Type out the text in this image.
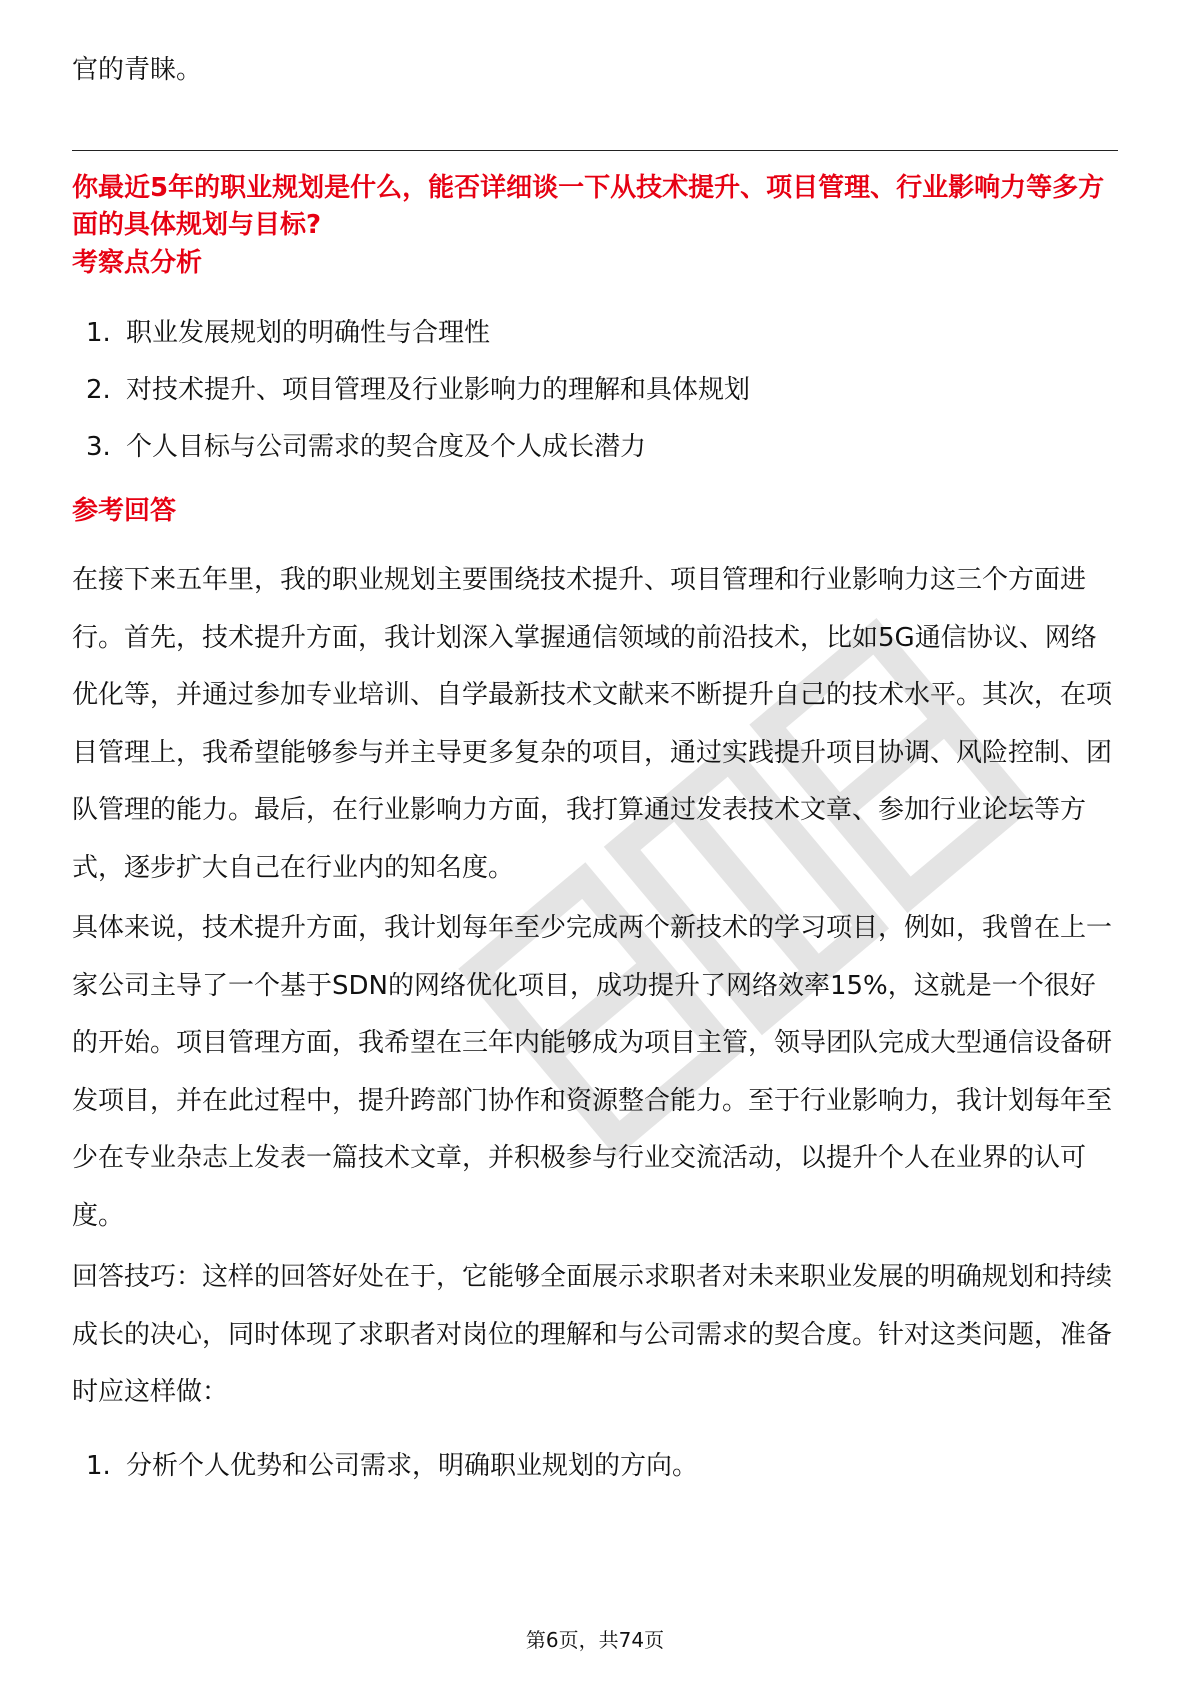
官的青睐。

你最近5年的职业规划是什么，能否详细谈一下从技术提升、项目管理、行业影响力等多方面的具体规划与目标?

考察点分析

1. 职业发展规划的明确性与合理性
2. 对技术提升、项目管理及行业影响力的理解和具体规划
3. 个人目标与公司需求的契合度及个人成长潜力

参考回答

在接下来五年里，我的职业规划主要围绕技术提升、项目管理和行业影响力这三个方面进行。首先，技术提升方面，我计划深入掌握通信领域的前沿技术，比如5G通信协议、网络优化等，并通过参加专业培训、自学最新技术文献来不断提升自己的技术水平。其次，在项目管理上，我希望能够参与并主导更多复杂的项目，通过实践提升项目协调、风险控制、团队管理的能力。最后，在行业影响力方面，我打算通过发表技术文章、参加行业论坛等方式，逐步扩大自己在行业内的知名度。

具体来说，技术提升方面，我计划每年至少完成两个新技术的学习项目，例如，我曾在上一家公司主导了一个基于SDN的网络优化项目，成功提升了网络效率15%，这就是一个很好的开始。项目管理方面，我希望在三年内能够成为项目主管，领导团队完成大型通信设备研发项目，并在此过程中，提升跨部门协作和资源整合能力。至于行业影响力，我计划每年至少在专业杂志上发表一篇技术文章，并积极参与行业交流活动，以提升个人在业界的认可度。

回答技巧：这样的回答好处在于，它能够全面展示求职者对未来职业发展的明确规划和持续成长的决心，同时体现了求职者对岗位的理解和与公司需求的契合度。针对这类问题，准备时应这样做：

1. 分析个人优势和公司需求，明确职业规划的方向。
第6页，共74页
